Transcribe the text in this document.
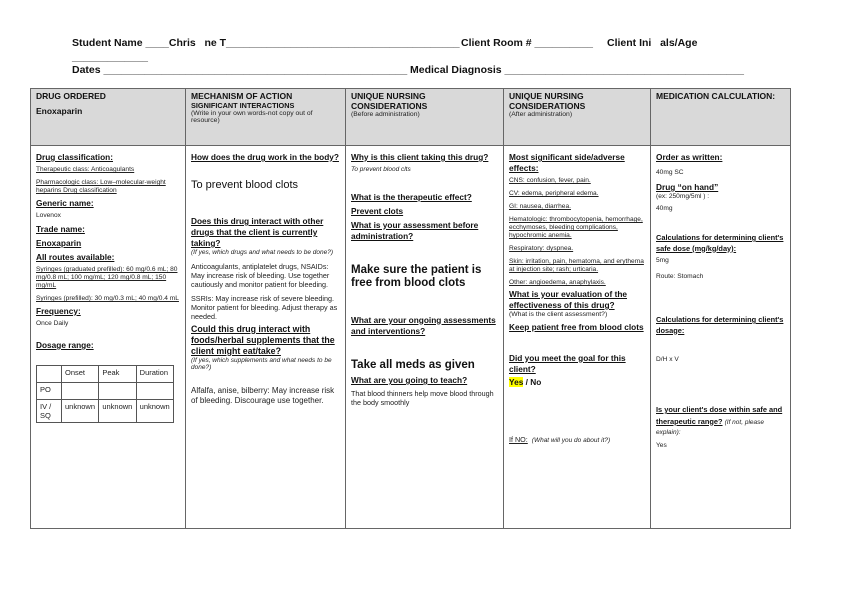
Student Name ____Chris   ne T________________________________________ Client Room # __________ Client Ini   als/Age
_____________
Dates ____________________________________________________ Medical Diagnosis _________________________________________
DRUG ORDERED
Enoxaparin

MECHANISM OF ACTION
SIGNIFICANT INTERACTIONS
(Write in your own words-not copy out of resource)

UNIQUE NURSING CONSIDERATIONS
(Before administration)

UNIQUE NURSING CONSIDERATIONS
(After administration)

MEDICATION CALCULATION:

Drug classification:
Therapeutic class: Anticoagulants
Pharmacologic class: Low–molecular-weight heparins Drug classification
Generic name:
Lovenox
Trade name:
Enoxaparin
All routes available:
Syringes (graduated prefilled): 60 mg/0.6 mL; 80 mg/0.8 mL; 100 mg/mL; 120 mg/0.8 mL; 150 mg/mL
Syringes (prefilled): 30 mg/0.3 mL; 40 mg/0.4 mL
Frequency:
Once Daily
Dosage range:
	Onset	Peak	Duration
PO			
IV / SQ	unknown	unknown	unknown

How does the drug work in the body?
To prevent blood clots
Does this drug interact with other drugs that the client is currently taking?
(If yes, which drugs and what needs to be done?)
Anticoagulants, antiplatelet drugs, NSAIDs: May increase risk of bleeding. Use together cautiously and monitor patient for bleeding.
SSRIs: May increase risk of severe bleeding. Monitor patient for bleeding. Adjust therapy as needed.
Could this drug interact with foods/herbal supplements that the client might eat/take?
(If yes, which supplements and what needs to be done?)
Alfalfa, anise, bilberry: May increase risk of bleeding. Discourage use together.

Why is this client taking this drug?
To prevent blood clts
What is the therapeutic effect?
Prevent clots
What is your assessment before administration?
Make sure the patient is free from blood clots
What are your ongoing assessments and interventions?
Take all meds as given
What are you going to teach?
That blood thinners help move blood through the body smoothly

Most significant side/adverse effects:
CNS: confusion, fever, pain.
CV: edema, peripheral edema.
GI: nausea, diarrhea.
Hematologic: thrombocytopenia, hemorrhage, ecchymoses, bleeding complications, hypochromic anemia.
Respiratory: dyspnea.
Skin: irritation, pain, hematoma, and erythema at injection site; rash; urticaria.
Other: angioedema, anaphylaxis.
What is your evaluation of the effectiveness of this drug?
(What is the client assessment?)
Keep patient free from blood clots
Did you meet the goal for this client?
Yes / No
If NO: (What will you do about it?)

Order as written:
40mg SC
Drug “on hand”
(ex: 250mg/5ml ) :
40mg
Calculations for determining client's safe dose (mg/kg/day):
5mg
Route: Stomach
Calculations for determining client's dosage:
D/H x V
Is your client's dose within safe and therapeutic range? (If not, please explain):
Yes
